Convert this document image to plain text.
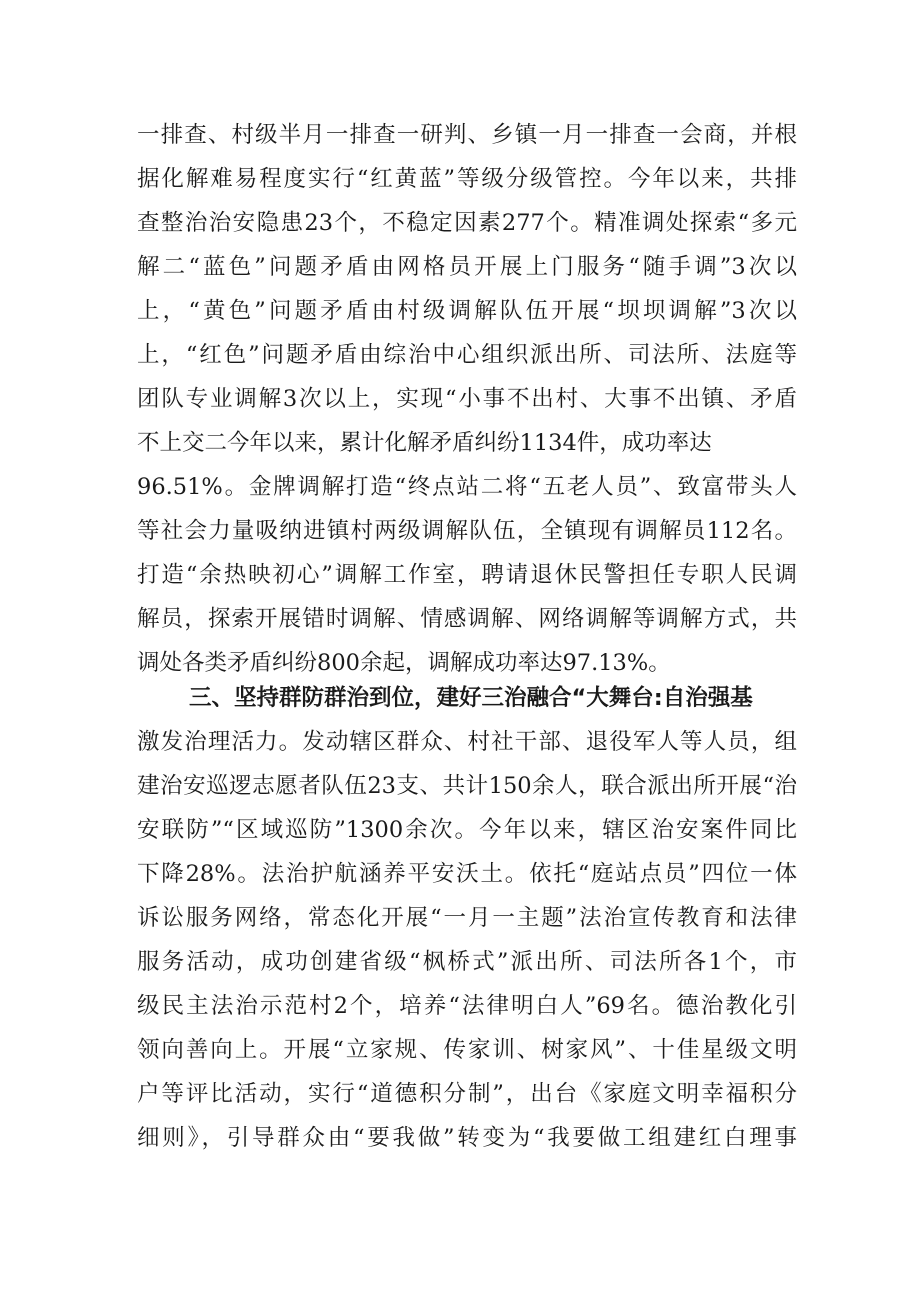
一排查、村级半月一排查一研判、乡镇一月一排查一会商，并根
据化解难易程度实行“红黄蓝”等级分级管控。今年以来，共排
查整治治安隐患23个，不稳定因素277个。精准调处探索“多元
解二“蓝色”问题矛盾由网格员开展上门服务“随手调”3次以
上，“黄色”问题矛盾由村级调解队伍开展“坝坝调解”3次以
上，“红色”问题矛盾由综治中心组织派出所、司法所、法庭等
团队专业调解3次以上，实现“小事不出村、大事不出镇、矛盾
不上交二今年以来，累计化解矛盾纠纷1134件，成功率达
96.51%。金牌调解打造“终点站二将“五老人员”、致富带头人
等社会力量吸纳进镇村两级调解队伍，全镇现有调解员112名。
打造“余热映初心”调解工作室，聘请退休民警担任专职人民调
解员，探索开展错时调解、情感调解、网络调解等调解方式，共
调处各类矛盾纠纷800余起，调解成功率达97.13%。
三、坚持群防群治到位，建好三治融合“大舞台:自治强基
激发治理活力。发动辖区群众、村社干部、退役军人等人员，组
建治安巡逻志愿者队伍23支、共计150余人，联合派出所开展“治
安联防”“区域巡防”1300余次。今年以来，辖区治安案件同比
下降28%。法治护航涵养平安沃土。依托“庭站点员”四位一体
诉讼服务网络，常态化开展“一月一主题”法治宣传教育和法律
服务活动，成功创建省级“枫桥式”派出所、司法所各1个，市
级民主法治示范村2个，培养“法律明白人”69名。德治教化引
领向善向上。开展“立家规、传家训、树家风”、十佳星级文明
户等评比活动，实行“道德积分制”，出台《家庭文明幸福积分
细则》，引导群众由“要我做”转变为“我要做工组建红白理事
